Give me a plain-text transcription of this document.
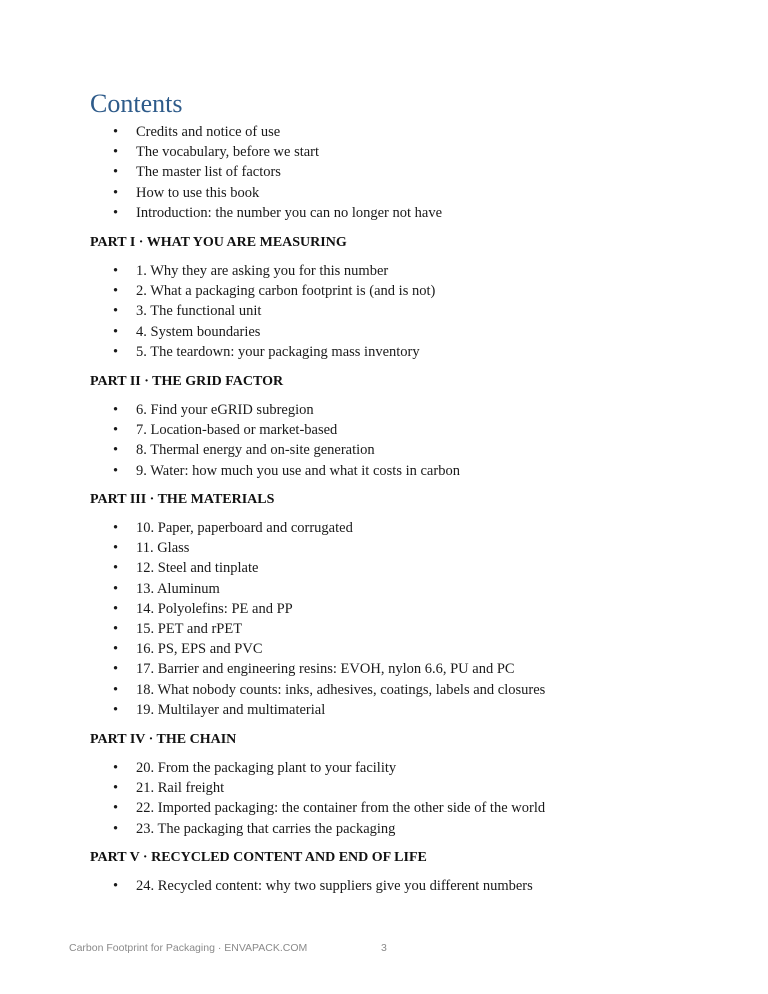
Contents
• Credits and notice of use
• The vocabulary, before we start
• The master list of factors
• How to use this book
• Introduction: the number you can no longer not have
PART I · WHAT YOU ARE MEASURING
• 1. Why they are asking you for this number
• 2. What a packaging carbon footprint is (and is not)
• 3. The functional unit
• 4. System boundaries
• 5. The teardown: your packaging mass inventory
PART II · THE GRID FACTOR
• 6. Find your eGRID subregion
• 7. Location-based or market-based
• 8. Thermal energy and on-site generation
• 9. Water: how much you use and what it costs in carbon
PART III · THE MATERIALS
• 10. Paper, paperboard and corrugated
• 11. Glass
• 12. Steel and tinplate
• 13. Aluminum
• 14. Polyolefins: PE and PP
• 15. PET and rPET
• 16. PS, EPS and PVC
• 17. Barrier and engineering resins: EVOH, nylon 6.6, PU and PC
• 18. What nobody counts: inks, adhesives, coatings, labels and closures
• 19. Multilayer and multimaterial
PART IV · THE CHAIN
• 20. From the packaging plant to your facility
• 21. Rail freight
• 22. Imported packaging: the container from the other side of the world
• 23. The packaging that carries the packaging
PART V · RECYCLED CONTENT AND END OF LIFE
• 24. Recycled content: why two suppliers give you different numbers
Carbon Footprint for Packaging · ENVAPACK.COM	3
